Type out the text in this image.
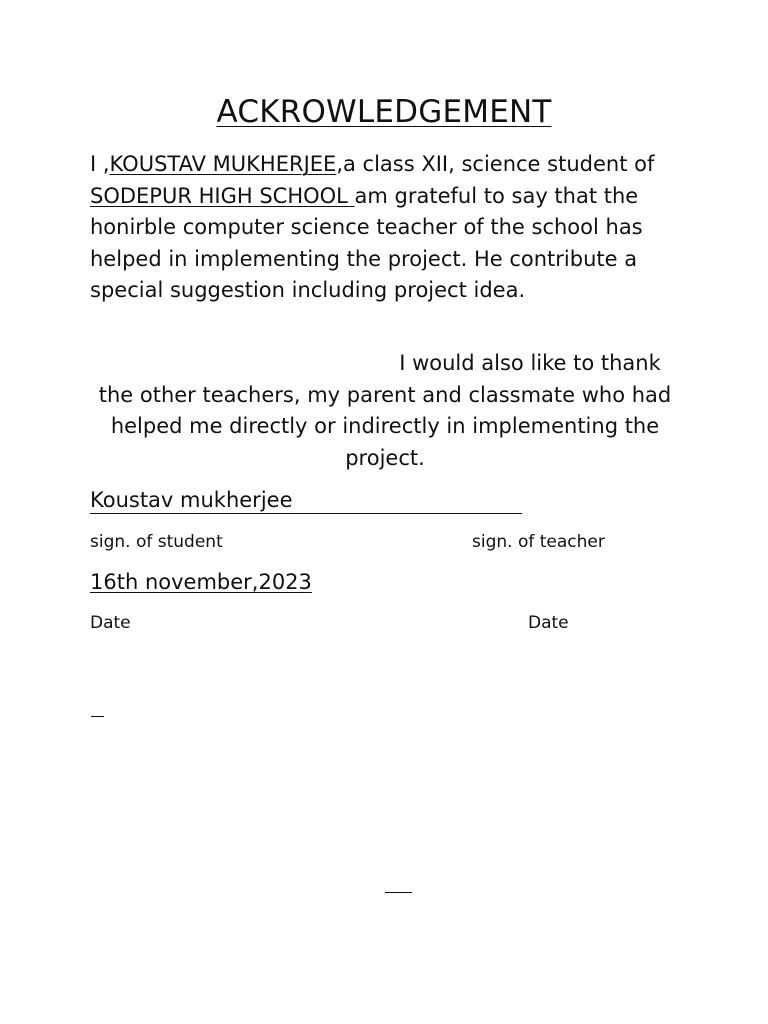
ACKROWLEDGEMENT
I ,KOUSTAV MUKHERJEE,a class XII, science student of SODEPUR HIGH SCHOOL am grateful to say that the honirble computer science teacher of the school has helped in implementing the project. He contribute a special suggestion including project idea.
I would also like to thank
the other teachers, my parent and classmate who had helped me directly or indirectly in implementing the project.
Koustav mukherjee
sign. of student	sign. of teacher
16th november,2023
Date	Date
